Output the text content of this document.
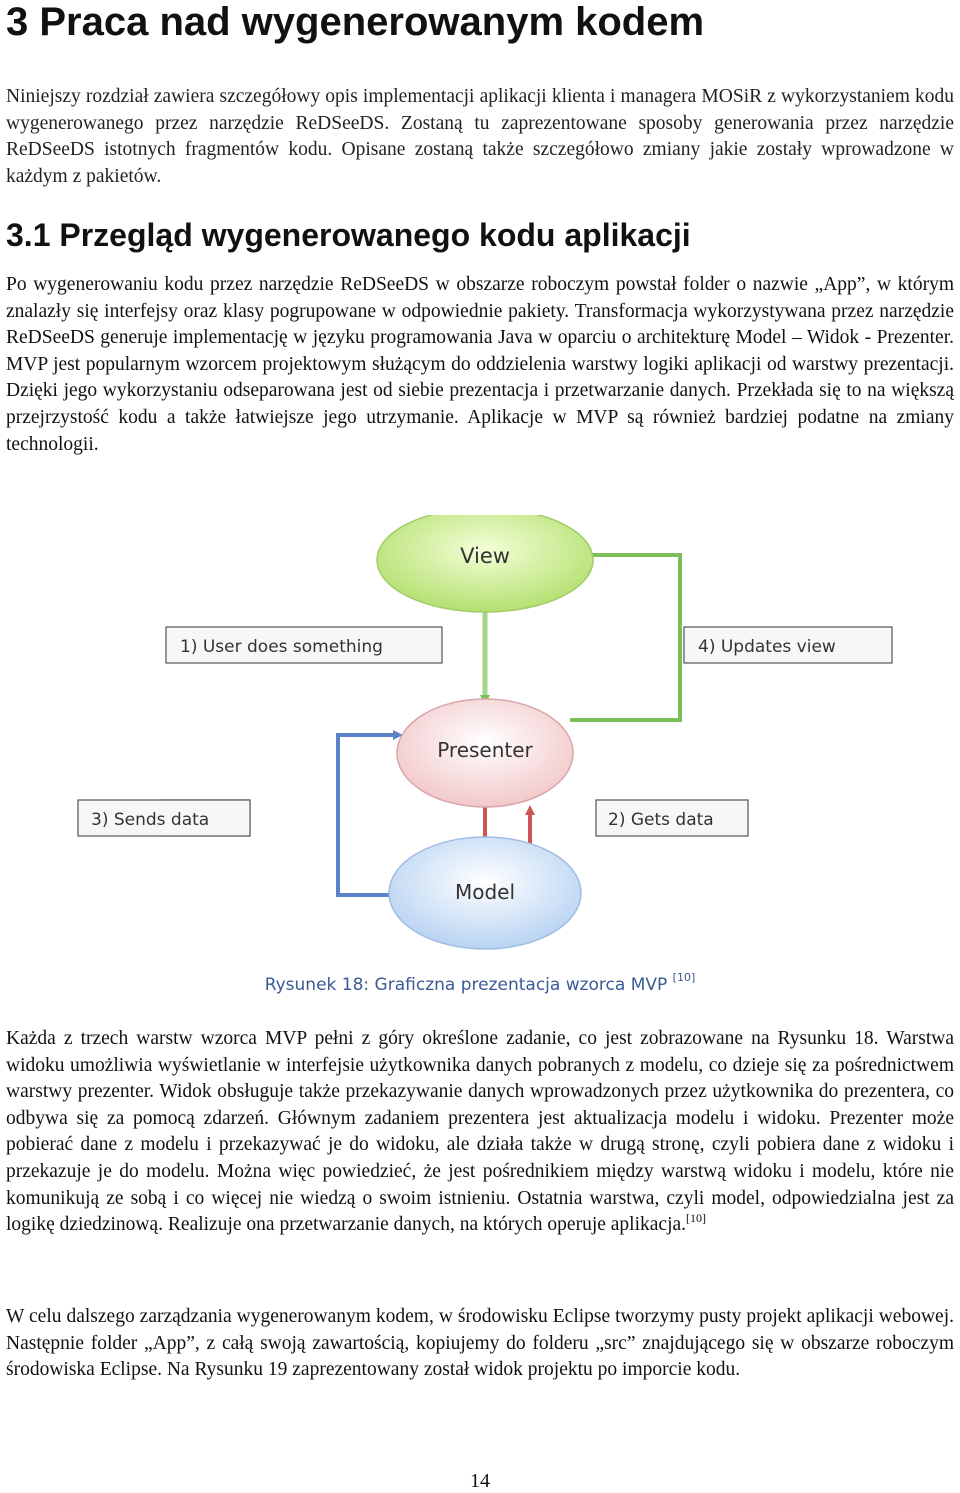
3 Praca nad wygenerowanym kodem

Niniejszy rozdział zawiera szczegółowy opis implementacji aplikacji klienta i managera MOSiR z wykorzystaniem kodu wygenerowanego przez narzędzie ReDSeeDS. Zostaną tu zaprezentowane sposoby generowania przez narzędzie ReDSeeDS istotnych fragmentów kodu. Opisane zostaną także szczegółowo zmiany jakie zostały wprowadzone w każdym z pakietów.

3.1 Przegląd wygenerowanego kodu aplikacji

Po wygenerowaniu kodu przez narzędzie ReDSeeDS w obszarze roboczym powstał folder o nazwie „App”, w którym znalazły się interfejsy oraz klasy pogrupowane w odpowiednie pakiety. Transformacja wykorzystywana przez narzędzie ReDSeeDS generuje implementację w języku programowania Java w oparciu o architekturę Model – Widok - Prezenter. MVP jest popularnym wzorcem projektowym służącym do oddzielenia warstwy logiki aplikacji od warstwy prezentacji. Dzięki jego wykorzystaniu odseparowana jest od siebie prezentacja i przetwarzanie danych. Przekłada się to na większą przejrzystość kodu a także łatwiejsze jego utrzymanie. Aplikacje w MVP są również bardziej podatne na zmiany technologii.

View
Presenter
Model
1) User does something	4) Updates view
2) Gets data
3) Sends data
Rysunek 18: Graficzna prezentacja wzorca MVP [10]

Każda z trzech warstw wzorca MVP pełni z góry określone zadanie, co jest zobrazowane na Rysunku 18. Warstwa widoku umożliwia wyświetlanie w interfejsie użytkownika danych pobranych z modelu, co dzieje się za pośrednictwem warstwy prezenter. Widok obsługuje także przekazywanie danych wprowadzonych przez użytkownika do prezentera, co odbywa się za pomocą zdarzeń. Głównym zadaniem prezentera jest aktualizacja modelu i widoku. Prezenter może pobierać dane z modelu i przekazywać je do widoku, ale działa także w drugą stronę, czyli pobiera dane z widoku i przekazuje je do modelu. Można więc powiedzieć, że jest pośrednikiem między warstwą widoku i modelu, które nie komunikują ze sobą i co więcej nie wiedzą o swoim istnieniu. Ostatnia warstwa, czyli model, odpowiedzialna jest za logikę dziedzinową. Realizuje ona przetwarzanie danych, na których operuje aplikacja.[10]

W celu dalszego zarządzania wygenerowanym kodem, w środowisku Eclipse tworzymy pusty projekt aplikacji webowej. Następnie folder „App”, z całą swoją zawartością, kopiujemy do folderu „src” znajdującego się w obszarze roboczym środowiska Eclipse. Na Rysunku 19 zaprezentowany został widok projektu po imporcie kodu.

14
